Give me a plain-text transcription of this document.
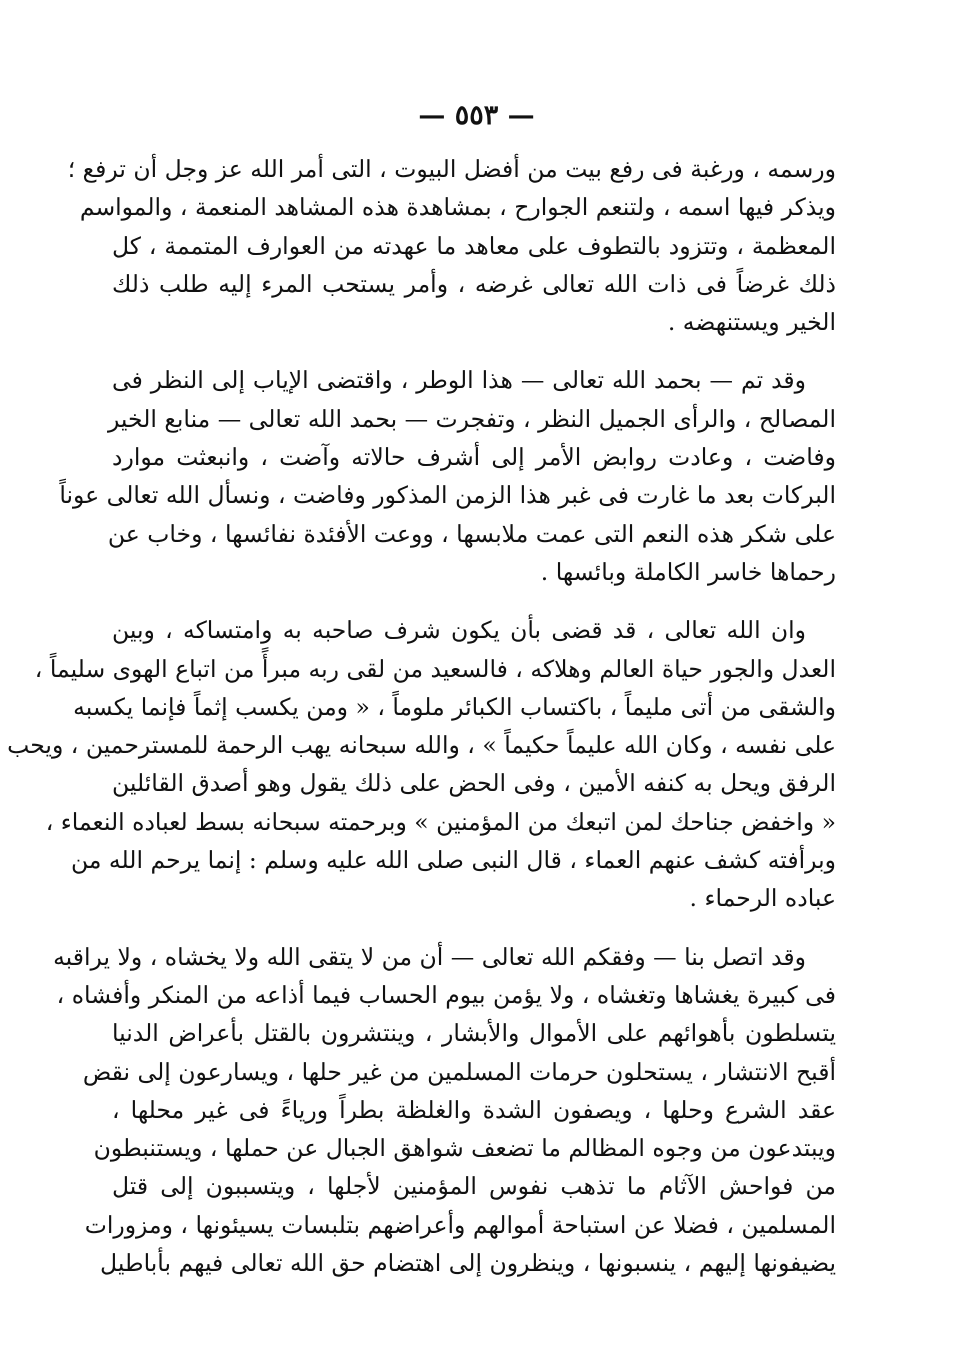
— ٥٥٣ —
ورسمه ، ورغبة فى رفع بيت من أفضل البيوت ، التى أمر الله عز وجل أن ترفع ؛
ويذكر فيها اسمه ، ولتنعم الجوارح ، بمشاهدة هذه المشاهد المنعمة ، والمواسم
المعظمة ، وتتزود بالتطوف على معاهد ما عهدته من العوارف المتممة ، كل
ذلك غرضاً فى ذات الله تعالى غرضه ، وأمر يستحب المرء إليه طلب ذلك
الخير ويستنهضه .
وقد تم — بحمد الله تعالى — هذا الوطر ، واقتضى الإياب إلى النظر فى
المصالح ، والرأى الجميل النظر ، وتفجرت — بحمد الله تعالى — منابع الخير
وفاضت ، وعادت روابض الأمر إلى أشرف حالاته وآضت ، وانبعثت موارد
البركات بعد ما غارت فى غبر هذا الزمن المذكور وفاضت ، ونسأل الله تعالى عوناً
على شكر هذه النعم التى عمت ملابسها ، ووعت الأفئدة نفائسها ، وخاب عن
رحماها خاسر الكاملة وبائسها .
وان الله تعالى ، قد قضى بأن يكون شرف صاحبه به وامتساكه ، وبين
العدل والجور حياة العالم وهلاكه ، فالسعيد من لقى ربه مبرأً من اتباع الهوى سليماً ،
والشقى من أتى مليماً ، باكتساب الكبائر ملوماً ، « ومن يكسب إثماً فإنما يكسبه
على نفسه ، وكان الله عليماً حكيماً » ، والله سبحانه يهب الرحمة للمسترحمين ، ويحب
الرفق ويحل به كنفه الأمين ، وفى الحض على ذلك يقول وهو أصدق القائلين
« واخفض جناحك لمن اتبعك من المؤمنين » وبرحمته سبحانه بسط لعباده النعماء ،
وبرأفته كشف عنهم العماء ، قال النبى صلى الله عليه وسلم : إنما يرحم الله من
عباده الرحماء .
وقد اتصل بنا — وفقكم الله تعالى — أن من لا يتقى الله ولا يخشاه ، ولا يراقبه
فى كبيرة يغشاها وتغشاه ، ولا يؤمن بيوم الحساب فيما أذاعه من المنكر وأفشاه ،
يتسلطون بأهوائهم على الأموال والأبشار ، وينتشرون بالقتل بأعراض الدنيا
أقبح الانتشار ، يستحلون حرمات المسلمين من غير حلها ، ويسارعون إلى نقض
عقد الشرع وحلها ، ويصفون الشدة والغلظة بطراً ورياءً فى غير محلها ،
ويبتدعون من وجوه المظالم ما تضعف شواهق الجبال عن حملها ، ويستنبطون
من فواحش الآثام ما تذهب نفوس المؤمنين لأجلها ، ويتسببون إلى قتل
المسلمين ، فضلا عن استباحة أموالهم وأعراضهم بتلبسات يسيئونها ، ومزورات
يضيفونها إليهم ، ينسبونها ، وينظرون إلى اهتضام حق الله تعالى فيهم بأباطيل
